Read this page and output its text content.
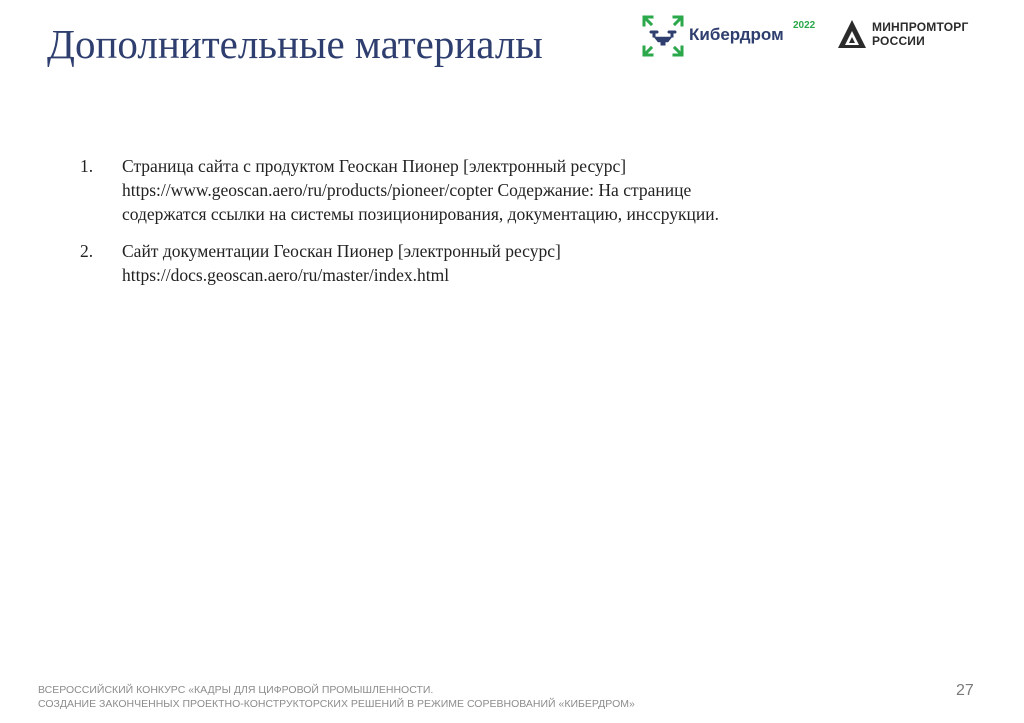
Дополнительные материалы	Кибердром 2022	МИНПРОМТОРГ
РОССИИ
1. Страница сайта с продуктом Геоскан Пионер [электронный ресурс]
https://www.geoscan.aero/ru/products/pioneer/copter Содержание: На странице
содержатся ссылки на системы позиционирования, документацию, инссрукции.
2. Сайт документации Геоскан Пионер [электронный ресурс]
https://docs.geoscan.aero/ru/master/index.html
ВСЕРОССИЙСКИЙ КОНКУРС «КАДРЫ ДЛЯ ЦИФРОВОЙ ПРОМЫШЛЕННОСТИ.
СОЗДАНИЕ ЗАКОНЧЕННЫХ ПРОЕКТНО-КОНСТРУКТОРСКИХ РЕШЕНИЙ В РЕЖИМЕ СОРЕВНОВАНИЙ «КИБЕРДРОМ»
27
